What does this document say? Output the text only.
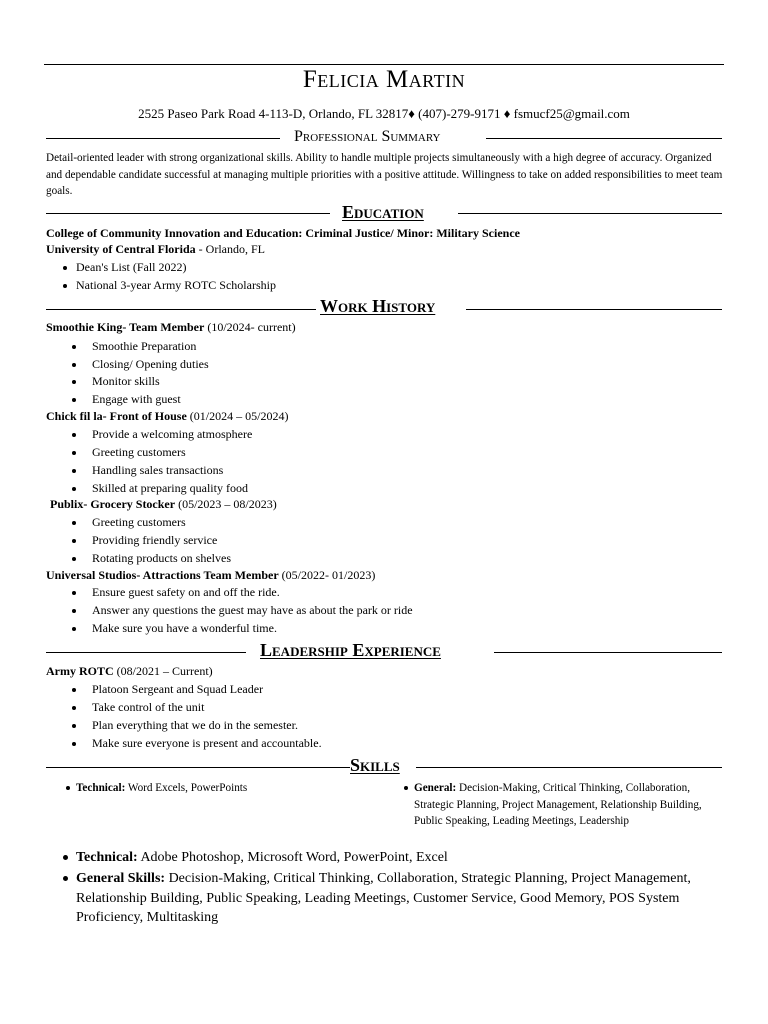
Felicia Martin
2525 Paseo Park Road 4-113-D, Orlando, FL 32817♦ (407)-279-9171 ♦ fsmucf25@gmail.com
Professional Summary
Detail-oriented leader with strong organizational skills. Ability to handle multiple projects simultaneously with a high degree of accuracy. Organized and dependable candidate successful at managing multiple priorities with a positive attitude. Willingness to take on added responsibilities to meet team goals.
Education
College of Community Innovation and Education: Criminal Justice/ Minor: Military Science
University of Central Florida - Orlando, FL
Dean's List (Fall 2022)
National 3-year Army ROTC Scholarship
Work History
Smoothie King- Team Member (10/2024- current)
Smoothie Preparation
Closing/ Opening duties
Monitor skills
Engage with guest
Chick fil la- Front of House (01/2024 – 05/2024)
Provide a welcoming atmosphere
Greeting customers
Handling sales transactions
Skilled at preparing quality food
Publix- Grocery Stocker (05/2023 – 08/2023)
Greeting customers
Providing friendly service
Rotating products on shelves
Universal Studios- Attractions Team Member (05/2022- 01/2023)
Ensure guest safety on and off the ride.
Answer any questions the guest may have as about the park or ride
Make sure you have a wonderful time.
Leadership Experience
Army ROTC (08/2021 – Current)
Platoon Sergeant and Squad Leader
Take control of the unit
Plan everything that we do in the semester.
Make sure everyone is present and accountable.
Skills
Technical: Word Excels, PowerPoints	General: Decision-Making, Critical Thinking, Collaboration, Strategic Planning, Project Management, Relationship Building, Public Speaking, Leading Meetings, Leadership
Technical: Adobe Photoshop, Microsoft Word, PowerPoint, Excel
General Skills: Decision-Making, Critical Thinking, Collaboration, Strategic Planning, Project Management, Relationship Building, Public Speaking, Leading Meetings, Customer Service, Good Memory, POS System Proficiency, Multitasking
